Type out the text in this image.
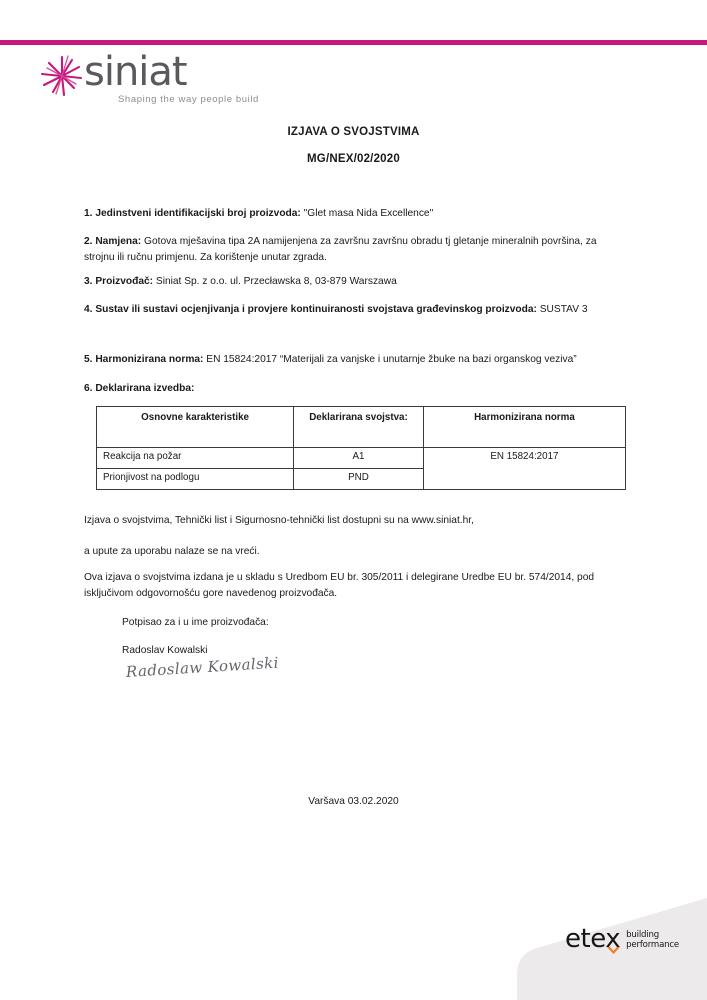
siniat
Shaping the way people build
IZJAVA O SVOJSTVIMA
MG/NEX/02/2020
1. Jedinstveni identifikacijski broj proizvoda: "Glet masa Nida Excellence"
2. Namjena: Gotova mješavina tipa 2A namijenjena za završnu završnu obradu tj gletanje mineralnih površina, za strojnu ili ručnu primjenu. Za korištenje unutar zgrada.
3. Proizvođač: Siniat Sp. z o.o. ul. Przecławska 8, 03-879 Warszawa
4. Sustav ili sustavi ocjenjivanja i provjere kontinuiranosti svojstava građevinskog proizvoda: SUSTAV 3
5. Harmonizirana norma: EN 15824:2017 “Materijali za vanjske i unutarnje žbuke na bazi organskog veziva”
6. Deklarirana izvedba:
Osnovne karakteristike	Deklarirana svojstva:	Harmonizirana norma
Reakcija na požar	A1	EN 15824:2017
Prionjivost na podlogu	PND	
Izjava o svojstvima, Tehnički list i Sigurnosno-tehnički list dostupni su na www.siniat.hr,
a upute za uporabu nalaze se na vreći.
Ova izjava o svojstvima izdana je u skladu s Uredbom EU br. 305/2011 i delegirane Uredbe EU br. 574/2014, pod isključivom odgovornošću gore navedenog proizvođača.
Potpisao za i u ime proizvođača:
Radoslav Kowalski
Radoslaw Kowalski
Varšava 03.02.2020
etex building
performance
